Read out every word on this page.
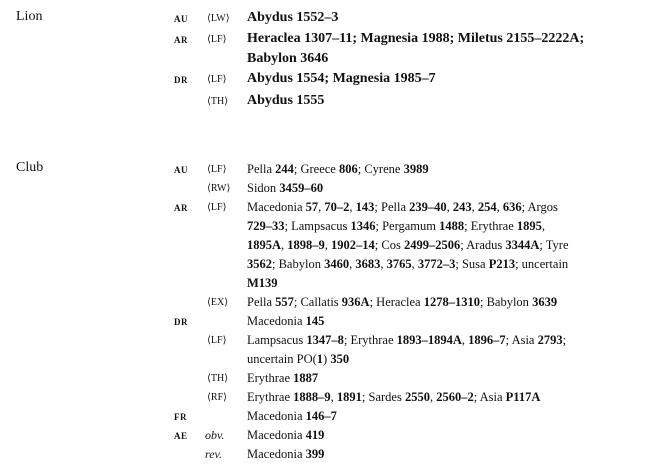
Lion	AU ⟨LW⟩ Abydus 1552–3
AR ⟨LF⟩ Heraclea 1307–11; Magnesia 1988; Miletus 2155–2222A;
Babylon 3646
DR ⟨LF⟩ Abydus 1554; Magnesia 1985–7
⟨TH⟩ Abydus 1555
Club	AU ⟨LF⟩ Pella 244; Greece 806; Cyrene 3989
⟨RW⟩ Sidon 3459–60
AR ⟨LF⟩ Macedonia 57, 70–2, 143; Pella 239–40, 243, 254, 636; Argos
729–33; Lampsacus 1346; Pergamum 1488; Erythrae 1895,
1895A, 1898–9, 1902–14; Cos 2499–2506; Aradus 3344A; Tyre
3562; Babylon 3460, 3683, 3765, 3772–3; Susa P213; uncertain
M139
⟨EX⟩ Pella 557; Callatis 936A; Heraclea 1278–1310; Babylon 3639
DR	Macedonia 145
⟨LF⟩ Lampsacus 1347–8; Erythrae 1893–1894A, 1896–7; Asia 2793;
uncertain PO(1) 350
⟨TH⟩ Erythrae 1887
⟨RF⟩ Erythrae 1888–9, 1891; Sardes 2550, 2560–2; Asia P117A
FR	Macedonia 146–7
AE obv. Macedonia 419
rev. Macedonia 399
